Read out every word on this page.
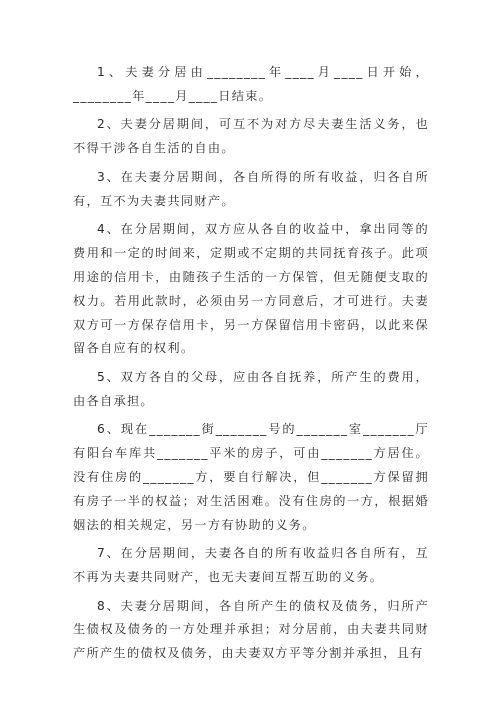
1、夫妻分居由________年____月____日开始，________年____月____日结束。

2、夫妻分居期间，可互不为对方尽夫妻生活义务，也不得干涉各自生活的自由。

3、在夫妻分居期间，各自所得的所有收益，归各自所有，互不为夫妻共同财产。

4、在分居期间，双方应从各自的收益中，拿出同等的费用和一定的时间来，定期或不定期的共同抚育孩子。此项用途的信用卡，由随孩子生活的一方保管，但无随便支取的权力。若用此款时，必须由另一方同意后，才可进行。夫妻双方可一方保存信用卡，另一方保留信用卡密码，以此来保留各自应有的权利。

5、双方各自的父母，应由各自抚养，所产生的费用，由各自承担。

6、现在_______街_______号的_______室_______厅有阳台车库共_______平米的房子，可由_______方居住。没有住房的_______方，要自行解决，但_______方保留拥有房子一半的权益；对生活困难。没有住房的一方，根据婚姻法的相关规定，另一方有协助的义务。

7、在分居期间，夫妻各自的所有收益归各自所有，互不再为夫妻共同财产，也无夫妻间互帮互助的义务。

8、夫妻分居期间，各自所产生的债权及债务，归所产生债权及债务的一方处理并承担；对分居前，由夫妻共同财产所产生的债权及债务，由夫妻双方平等分割并承担，且有
